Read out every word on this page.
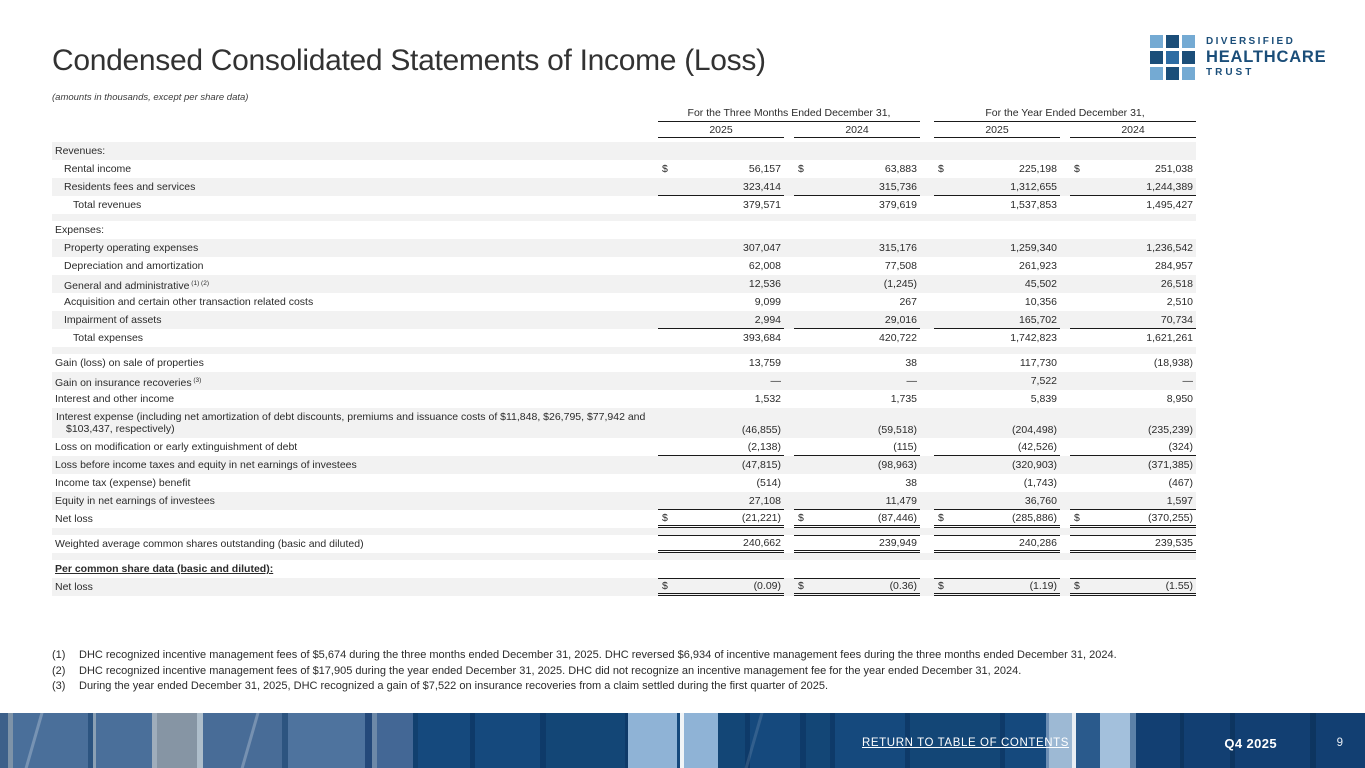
Condensed Consolidated Statements of Income (Loss)
(amounts in thousands, except per share data)
DIVERSIFIED
HEALTHCARE
TRUST
For the Three Months Ended December 31,	For the Year Ended December 31,
2025	2024	2025	2024
Revenues:
Rental income	$	56,157 $	63,883 $	225,198 $	251,038
Residents fees and services	323,414	315,736	1,312,655	1,244,389
Total revenues	379,571	379,619	1,537,853	1,495,427
Expenses:
Property operating expenses	307,047	315,176	1,259,340	1,236,542
Depreciation and amortization	62,008	77,508	261,923	284,957
General and administrative $^{(1) (2)}$	12,536	(1,245)	45,502	26,518
Acquisition and certain other transaction related costs	9,099	267	10,356	2,510
Impairment of assets	2,994	29,016	165,702	70,734
Total expenses	393,684	420,722	1,742,823	1,621,261
Gain (loss) on sale of properties	13,759	38	117,730	(18,938)
Gain on insurance recoveries $^{(3)}$	—	—	7,522	—
Interest and other income	1,532	1,735	5,839	8,950
Interest expense (including net amortization of debt discounts, premiums and issuance costs of $11,848, $26,795, $77,942 and $103,437, respectively)	(46,855)	(59,518)	(204,498)	(235,239)
Loss on modification or early extinguishment of debt	(2,138)	(115)	(42,526)	(324)
Loss before income taxes and equity in net earnings of investees	(47,815)	(98,963)	(320,903)	(371,385)
Income tax (expense) benefit	(514)	38	(1,743)	(467)
Equity in net earnings of investees	27,108	11,479	36,760	1,597
Net loss	$	(21,221) $	(87,446) $	(285,886) $	(370,255)
Weighted average common shares outstanding (basic and diluted)	240,662	239,949	240,286	239,535
Per common share data (basic and diluted):
Net loss	$	(0.09) $	(0.36) $	(1.19) $	(1.55)
(1)	DHC recognized incentive management fees of $5,674 during the three months ended December 31, 2025. DHC reversed $6,934 of incentive management fees during the three months ended December 31, 2024.
(2)	DHC recognized incentive management fees of $17,905 during the year ended December 31, 2025. DHC did not recognize an incentive management fee for the year ended December 31, 2024.
(3)	During the year ended December 31, 2025, DHC recognized a gain of $7,522 on insurance recoveries from a claim settled during the first quarter of 2025.
RETURN TO TABLE OF CONTENTS	Q4 2025	9
